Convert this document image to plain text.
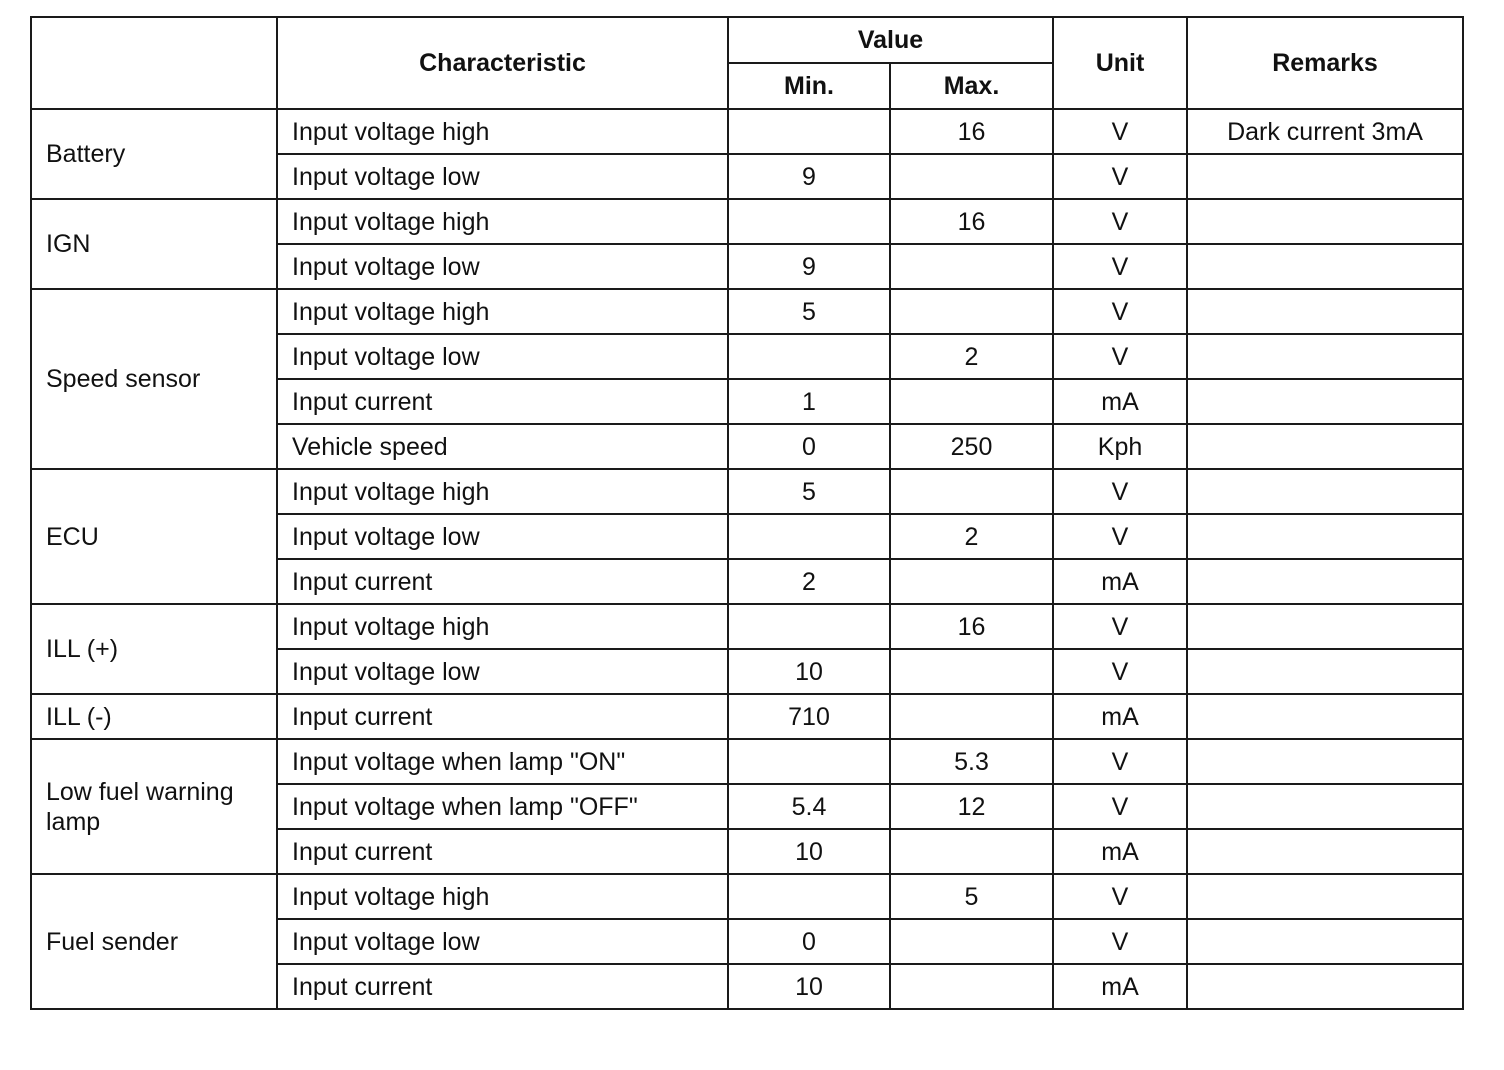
	Characteristic	Value		Unit	Remarks
		Min.	Max.		
Battery	Input voltage high		16	V	Dark current 3mA
	Input voltage low	9		V	
IGN	Input voltage high		16	V	
	Input voltage low	9		V	
Speed sensor	Input voltage high	5		V	
	Input voltage low		2	V	
	Input current	1		mA	
	Vehicle speed	0	250	Kph	
ECU	Input voltage high	5		V	
	Input voltage low		2	V	
	Input current	2		mA	
ILL (+)	Input voltage high		16	V	
	Input voltage low	10		V	
ILL (-)	Input current	710		mA	
Low fuel warning lamp	Input voltage when lamp "ON"		5.3	V	
	Input voltage when lamp "OFF"	5.4	12	V	
	Input current	10		mA	
Fuel sender	Input voltage high		5	V	
	Input voltage low	0		V	
	Input current	10		mA	
